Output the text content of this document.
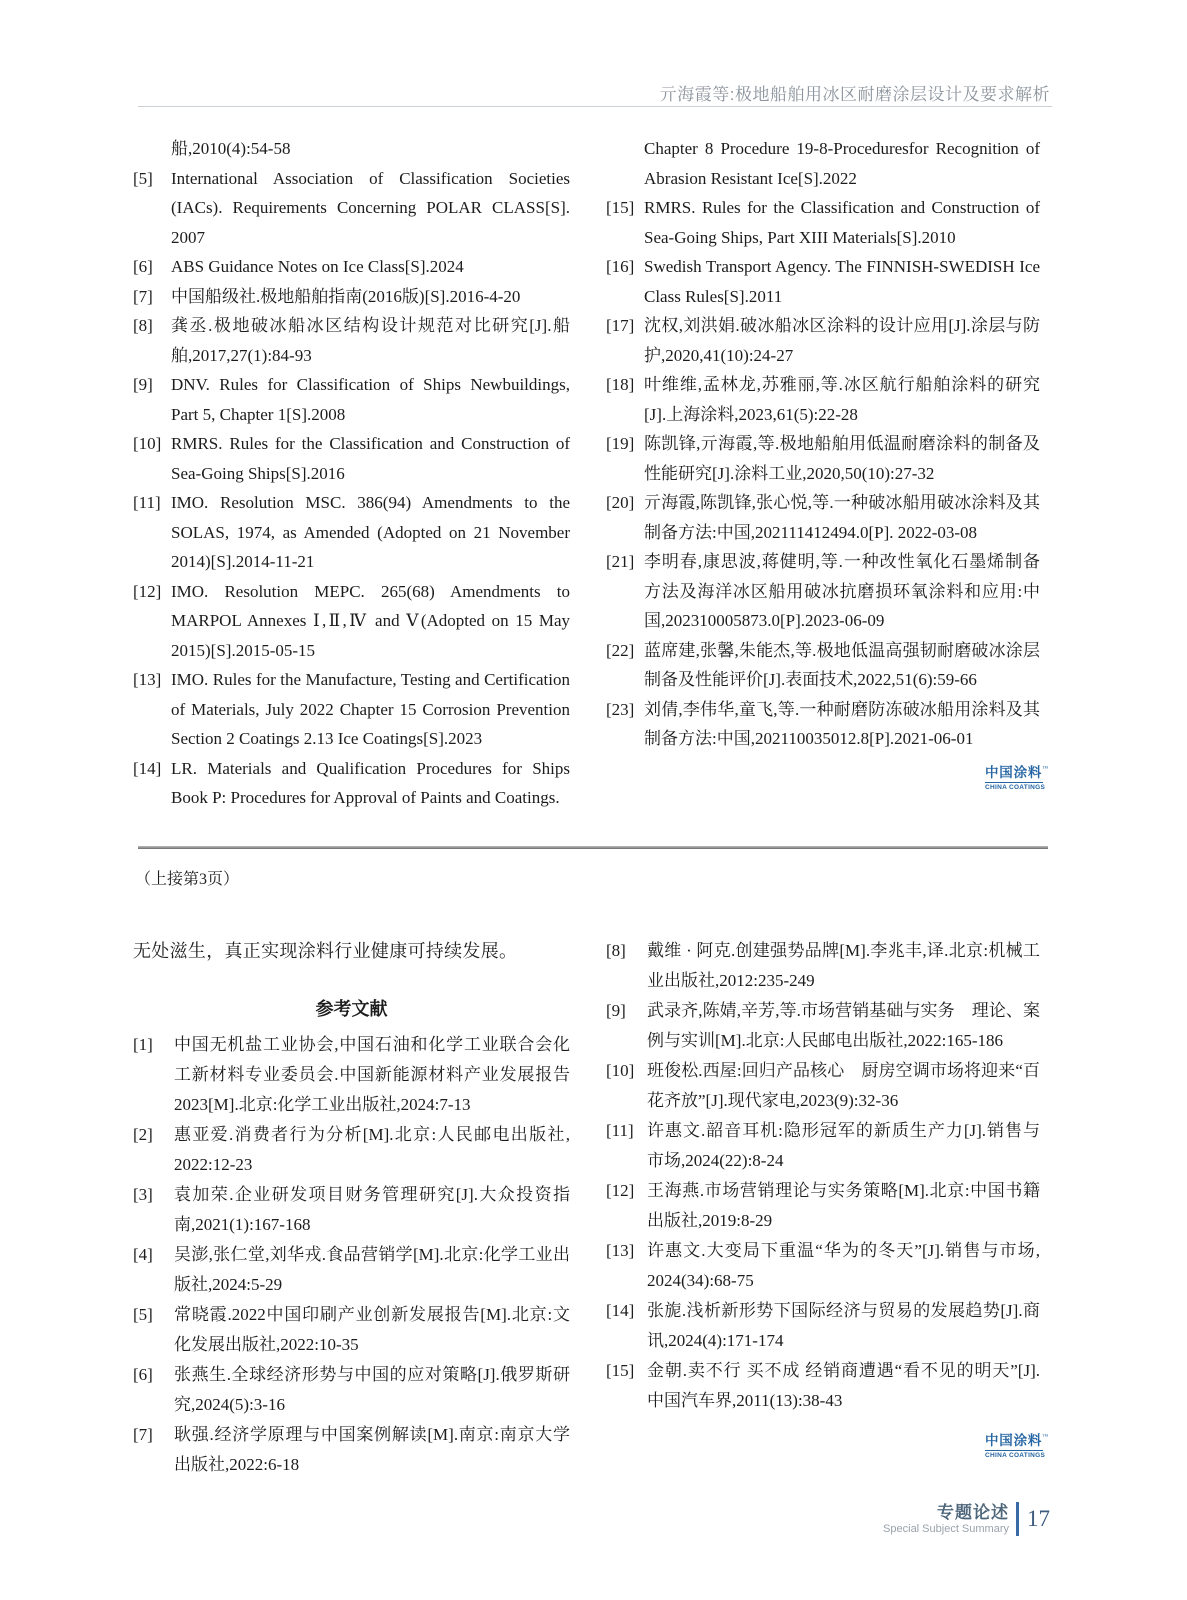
亓海霞等:极地船舶用冰区耐磨涂层设计及要求解析
船,2010(4):54-58
[5]	International Association of Classification Societies
(IACs). Requirements Concerning POLAR CLASS[S].
2007
[6]	ABS Guidance Notes on Ice Class[S].2024
[7]	中国船级社.极地船舶指南(2016版)[S].2016-4-20
[8]	龚丞.极地破冰船冰区结构设计规范对比研究[J].船
舶,2017,27(1):84-93
[9]	DNV. Rules for Classification of Ships Newbuildings,
Part 5, Chapter 1[S].2008
[10] RMRS. Rules for the Classification and Construction of
Sea-Going Ships[S].2016
[11] IMO. Resolution MSC. 386(94) Amendments to the
SOLAS, 1974, as Amended (Adopted on 21 November
2014)[S].2014-11-21
[12] IMO. Resolution MEPC. 265(68) Amendments to
MARPOL Annexes Ⅰ,Ⅱ,Ⅳ and Ⅴ(Adopted on 15 May
2015)[S].2015-05-15
[13] IMO. Rules for the Manufacture, Testing and Certification
of Materials, July 2022 Chapter 15 Corrosion Prevention
Section 2 Coatings 2.13 Ice Coatings[S].2023
[14] LR. Materials and Qualification Procedures for Ships
Book P: Procedures for Approval of Paints and Coatings.
Chapter 8 Procedure 19-8-Proceduresfor Recognition of
Abrasion Resistant Ice[S].2022
[15] RMRS. Rules for the Classification and Construction of
Sea-Going Ships, Part XIII Materials[S].2010
[16] Swedish Transport Agency. The FINNISH-SWEDISH Ice
Class Rules[S].2011
[17] 沈权,刘洪娟.破冰船冰区涂料的设计应用[J].涂层与防
护,2020,41(10):24-27
[18] 叶维维,孟林龙,苏雅丽,等.冰区航行船舶涂料的研究
[J].上海涂料,2023,61(5):22-28
[19] 陈凯锋,亓海霞,等.极地船舶用低温耐磨涂料的制备及
性能研究[J].涂料工业,2020,50(10):27-32
[20] 亓海霞,陈凯锋,张心悦,等.一种破冰船用破冰涂料及其
制备方法:中国,202111412494.0[P]. 2022-03-08
[21] 李明春,康思波,蒋健明,等.一种改性氧化石墨烯制备
方法及海洋冰区船用破冰抗磨损环氧涂料和应用:中
国,202310005873.0[P].2023-06-09
[22] 蓝席建,张馨,朱能杰,等.极地低温高强韧耐磨破冰涂层
制备及性能评价[J].表面技术,2022,51(6):59-66
[23] 刘倩,李伟华,童飞,等.一种耐磨防冻破冰船用涂料及其
制备方法:中国,202110035012.8[P].2021-06-01
中国涂料 ™
CHINA COATINGS
（上接第3页）

无处滋生，真正实现涂料行业健康可持续发展。

参考文献
[1]	中国无机盐工业协会,中国石油和化学工业联合会化
工新材料专业委员会.中国新能源材料产业发展报告
2023[M].北京:化学工业出版社,2024:7-13
[2]	惠亚爱.消费者行为分析[M].北京:人民邮电出版社,
2022:12-23
[3]	袁加荣.企业研发项目财务管理研究[J].大众投资指
南,2021(1):167-168
[4]	吴澎,张仁堂,刘华戎.食品营销学[M].北京:化学工业出
版社,2024:5-29
[5]	常晓霞.2022中国印刷产业创新发展报告[M].北京:文
化发展出版社,2022:10-35
[6]	张燕生.全球经济形势与中国的应对策略[J].俄罗斯研
究,2024(5):3-16
[7]	耿强.经济学原理与中国案例解读[M].南京:南京大学
出版社,2022:6-18
[8]	戴维 · 阿克.创建强势品牌[M].李兆丰,译.北京:机械工
业出版社,2012:235-249
[9]	武录齐,陈婧,辛芳,等.市场营销基础与实务　理论、案
例与实训[M].北京:人民邮电出版社,2022:165-186
[10] 班俊松.西屋:回归产品核心　厨房空调市场将迎来“百
花齐放”[J].现代家电,2023(9):32-36
[11] 许惠文.韶音耳机:隐形冠军的新质生产力[J].销售与
市场,2024(22):8-24
[12] 王海燕.市场营销理论与实务策略[M].北京:中国书籍
出版社,2019:8-29
[13] 许惠文.大变局下重温“华为的冬天”[J].销售与市场,
2024(34):68-75
[14] 张旎.浅析新形势下国际经济与贸易的发展趋势[J].商
讯,2024(4):171-174
[15] 金朝.卖不行 买不成 经销商遭遇“看不见的明天”[J].
中国汽车界,2011(13):38-43
中国涂料 ™
CHINA COATINGS
专题论述
Special Subject Summary 17
